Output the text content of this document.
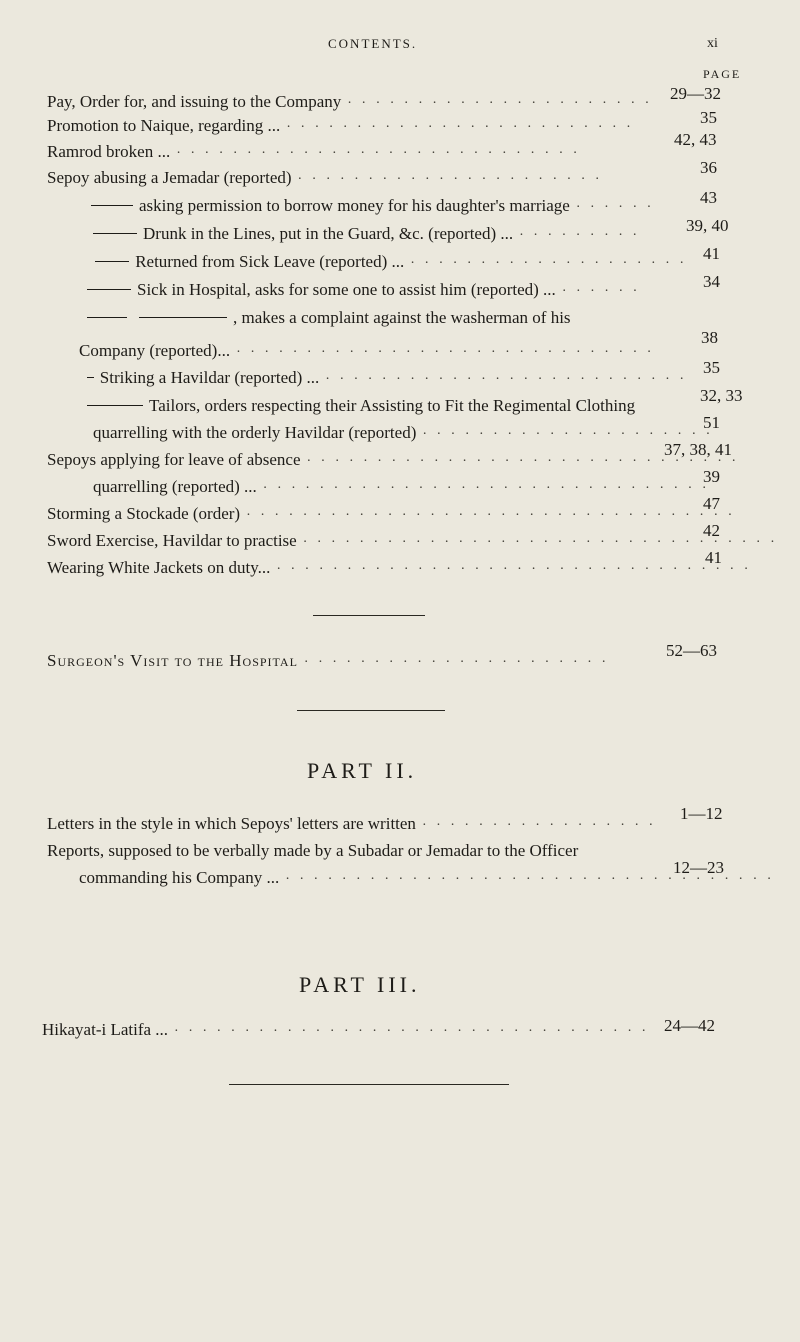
CONTENTS.	xi
PAGE
Pay, Order for, and issuing to the Company · · · · · · · · · · · · · · · · · · · · · ·
29—32
Promotion to Naique, regarding ... · · · · · · · · · · · · · · · · · · · · · · · · ·
35
Ramrod broken ... · · · · · · · · · · · · · · · · · · · · · · · · · · · · ·
42, 43
Sepoy abusing a Jemadar (reported) · · · · · · · · · · · · · · · · · · · · · ·
36
asking permission to borrow money for his daughter's marriage · · · · · ·
43
Drunk in the Lines, put in the Guard, &c. (reported) ... · · · · · · · · ·
39, 40
Returned from Sick Leave (reported) ... · · · · · · · · · · · · · · · · · · · ·
41
Sick in Hospital, asks for some one to assist him (reported) ... · · · · · ·
34
, makes a complaint against the washerman of his
Company (reported)... · · · · · · · · · · · · · · · · · · · · · · · · · · · · · ·
38
Striking a Havildar (reported) ... · · · · · · · · · · · · · · · · · · · · · · · · · ·
35
Tailors, orders respecting their Assisting to Fit the Regimental Clothing
32, 33
quarrelling with the orderly Havildar (reported) · · · · · · · · · · · · · · · · · · · · ·
51
Sepoys applying for leave of absence · · · · · · · · · · · · · · · · · · · · · · · · · · · · · · ·
37, 38, 41
quarrelling (reported) ... · · · · · · · · · · · · · · · · · · · · · · · · · · · · · · · ·
39
Storming a Stockade (order) · · · · · · · · · · · · · · · · · · · · · · · · · · · · · · · · · · ·
47
Sword Exercise, Havildar to practise · · · · · · · · · · · · · · · · · · · · · · · · · · · · · · · · · ·
42
Wearing White Jackets on duty... · · · · · · · · · · · · · · · · · · · · · · · · · · · · · · · · · ·
41
Surgeon's Visit to the Hospital · · · · · · · · · · · · · · · · · · · · · ·
52—63
PART II.
Letters in the style in which Sepoys' letters are written · · · · · · · · · · · · · · · · ·
1—12
Reports, supposed to be verbally made by a Subadar or Jemadar to the Officer
commanding his Company ... · · · · · · · · · · · · · · · · · · · · · · · · · · · · · · · · · · ·
12—23
PART III.
Hikayat-i Latifa ... · · · · · · · · · · · · · · · · · · · · · · · · · · · · · · · · · · 24—42
